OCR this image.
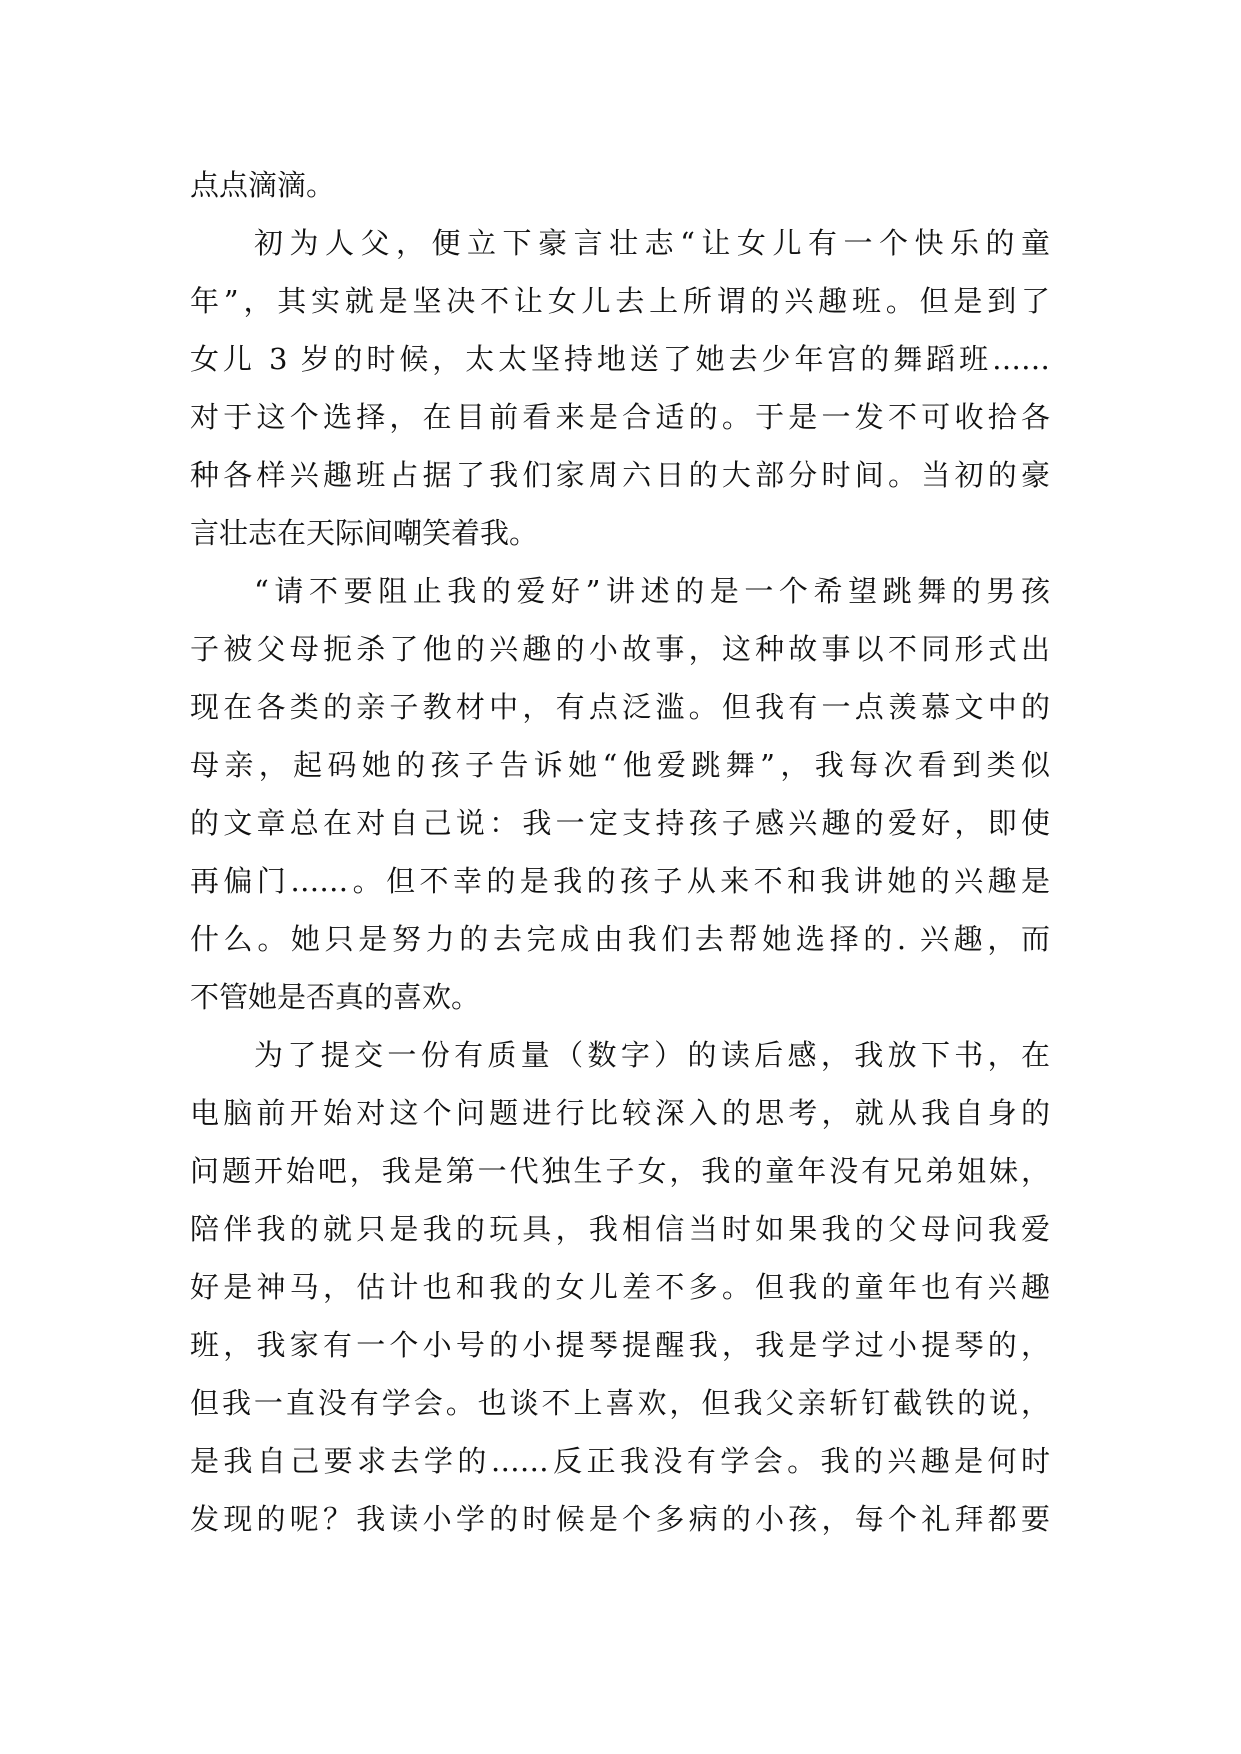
点点滴滴。
初为人父，便立下豪言壮志“让女儿有一个快乐的童
年”，其实就是坚决不让女儿去上所谓的兴趣班。但是到了
女儿 3 岁的时候，太太坚持地送了她去少年宫的舞蹈班……
对于这个选择，在目前看来是合适的。于是一发不可收拾各
种各样兴趣班占据了我们家周六日的大部分时间。当初的豪
言壮志在天际间嘲笑着我。
“请不要阻止我的爱好”讲述的是一个希望跳舞的男孩
子被父母扼杀了他的兴趣的小故事，这种故事以不同形式出
现在各类的亲子教材中，有点泛滥。但我有一点羡慕文中的
母亲，起码她的孩子告诉她“他爱跳舞”，我每次看到类似
的文章总在对自己说：我一定支持孩子感兴趣的爱好，即使
再偏门……。但不幸的是我的孩子从来不和我讲她的兴趣是
什么。她只是努力的去完成由我们去帮她选择的. 兴趣，而
不管她是否真的喜欢。
为了提交一份有质量（数字）的读后感，我放下书，在
电脑前开始对这个问题进行比较深入的思考，就从我自身的
问题开始吧，我是第一代独生子女，我的童年没有兄弟姐妹，
陪伴我的就只是我的玩具，我相信当时如果我的父母问我爱
好是神马，估计也和我的女儿差不多。但我的童年也有兴趣
班，我家有一个小号的小提琴提醒我，我是学过小提琴的，
但我一直没有学会。也谈不上喜欢，但我父亲斩钉截铁的说，
是我自己要求去学的……反正我没有学会。我的兴趣是何时
发现的呢？我读小学的时候是个多病的小孩，每个礼拜都要
